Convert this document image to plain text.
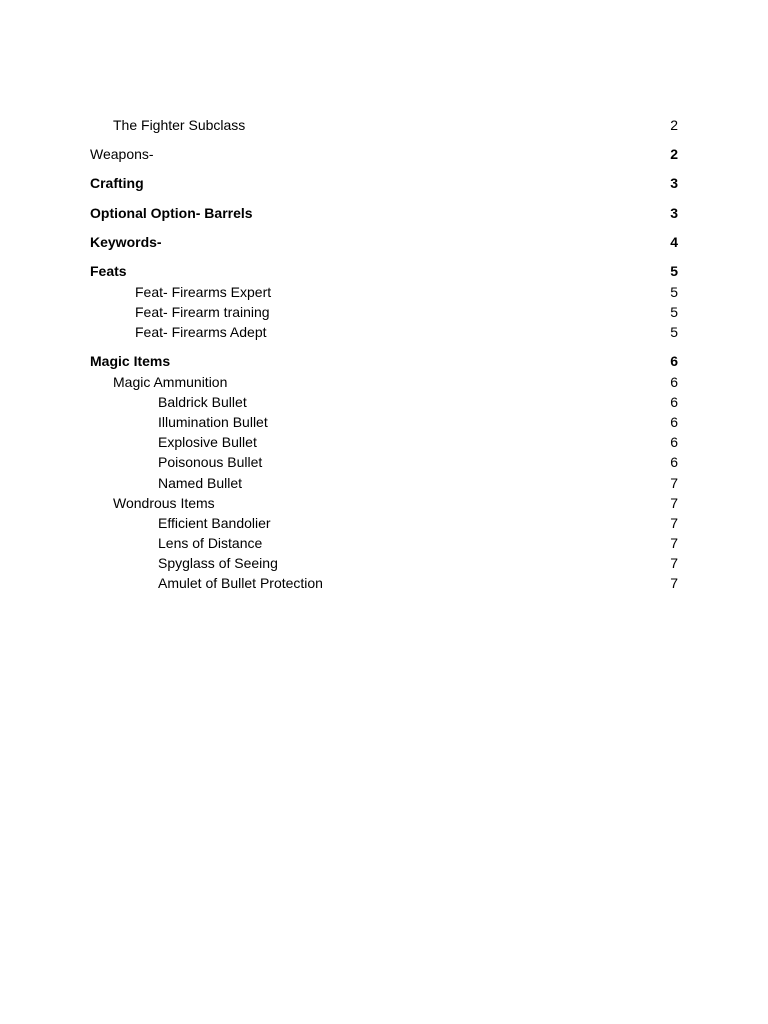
The Fighter Subclass	2
Weapons-	2
Crafting	3
Optional Option- Barrels	3
Keywords-	4
Feats	5
Feat- Firearms Expert	5
Feat- Firearm training	5
Feat- Firearms Adept	5
Magic Items	6
Magic Ammunition	6
Baldrick Bullet	6
Illumination Bullet	6
Explosive Bullet	6
Poisonous Bullet	6
Named Bullet	7
Wondrous Items	7
Efficient Bandolier	7
Lens of Distance	7
Spyglass of Seeing	7
Amulet of Bullet Protection	7
